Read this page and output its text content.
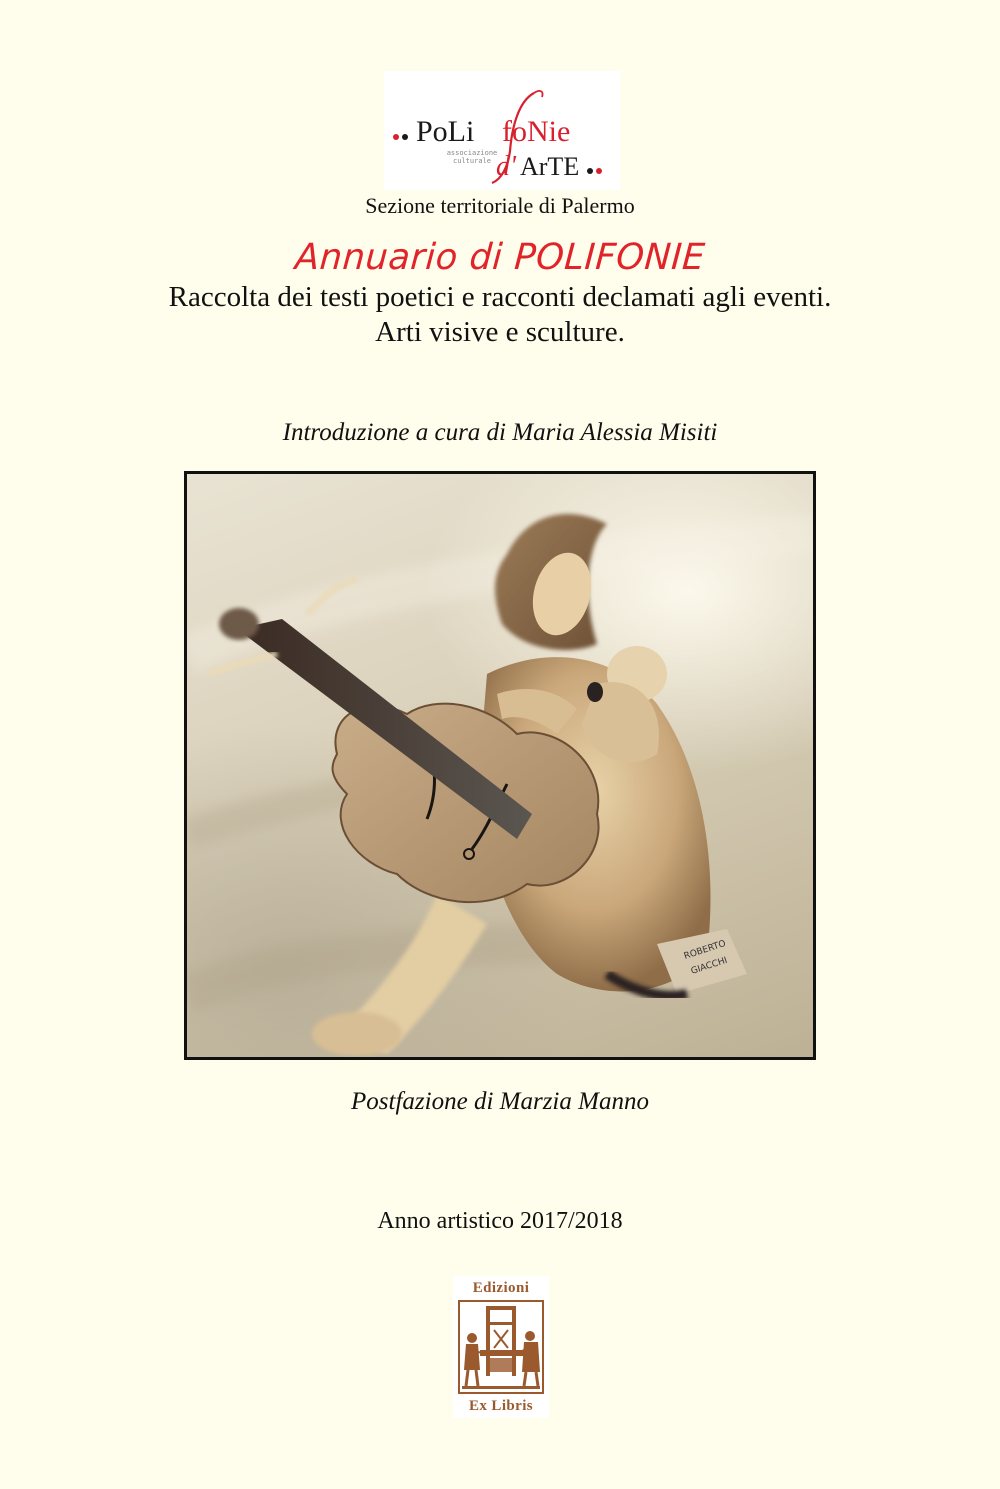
PoLi foNie
associazione
culturale d' ArTE
Sezione territoriale di Palermo
Annuario di POLIFONIE
Raccolta dei testi poetici e racconti declamati agli eventi.
Arti visive e sculture.
Introduzione a cura di Maria Alessia Misiti
ROBERTO
GIACCHI
Postfazione di Marzia Manno
Anno artistico 2017/2018
Edizioni
Ex Libris
